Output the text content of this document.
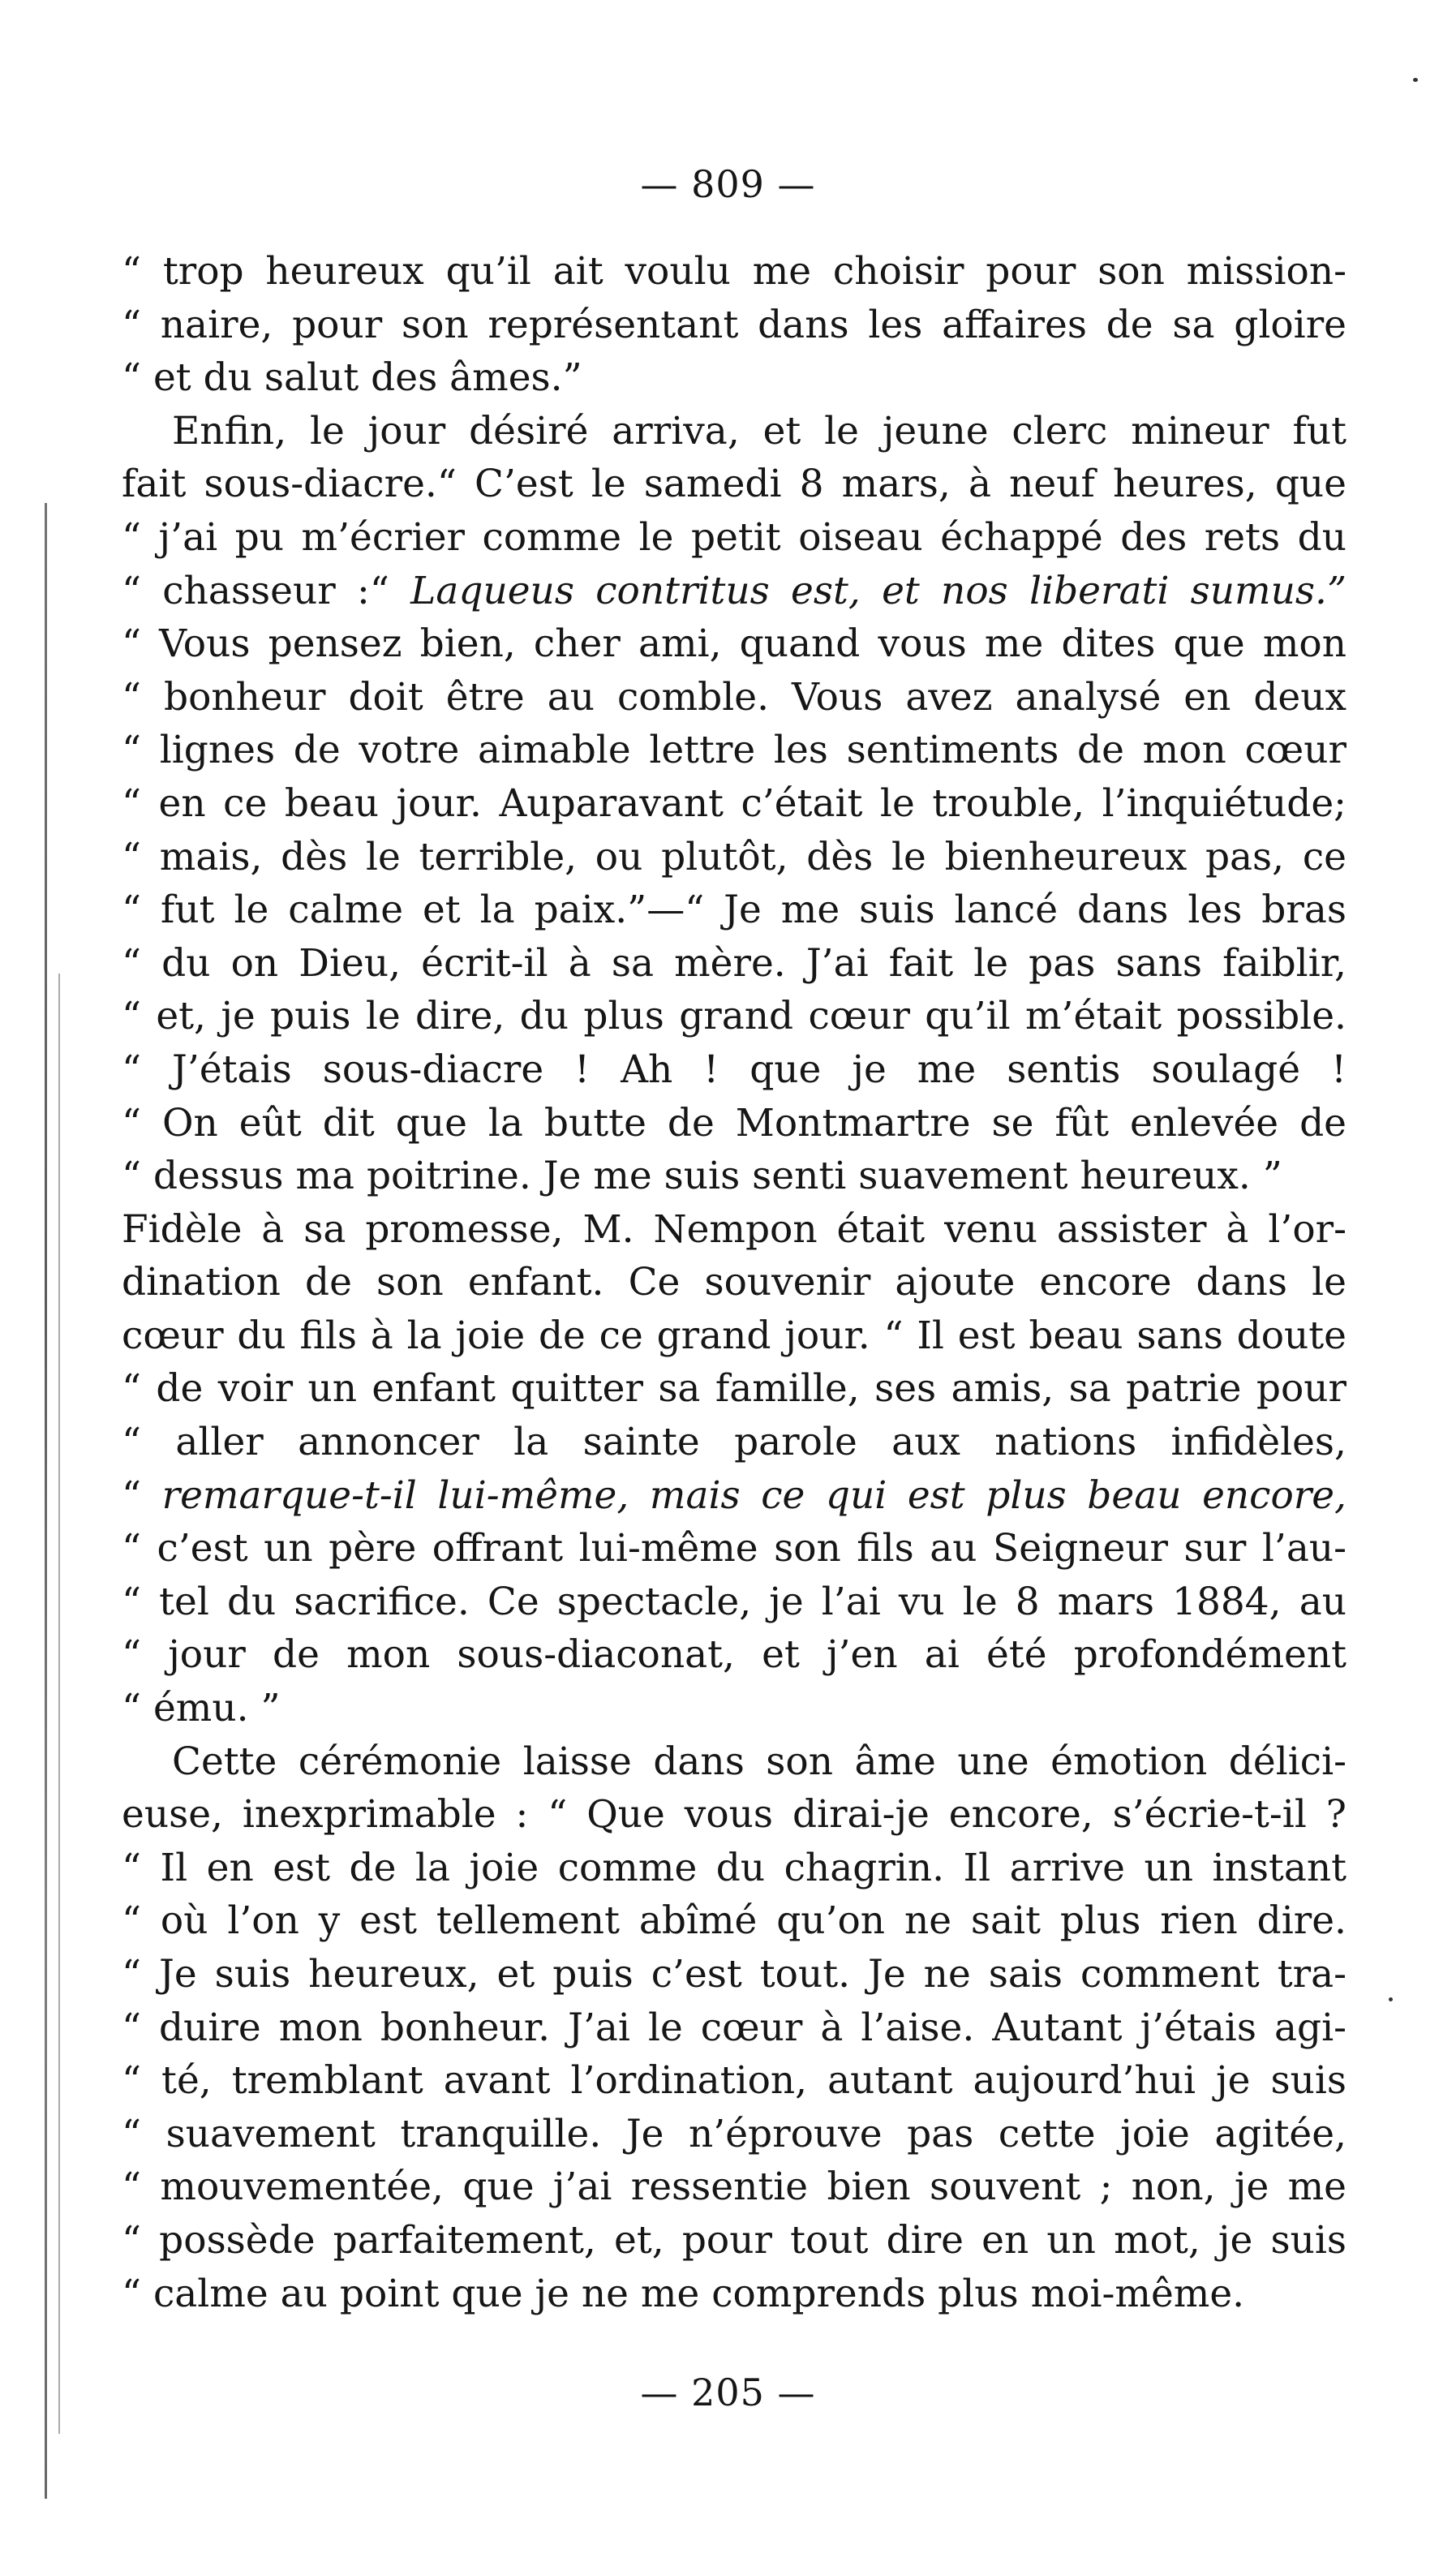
— 809 —
“ trop heureux qu’il ait voulu me choisir pour son mission-
“ naire, pour son représentant dans les affaires de sa gloire
“ et du salut des âmes.”
Enfin, le jour désiré arriva, et le jeune clerc mineur fut
fait sous-diacre.“ C’est le samedi 8 mars, à neuf heures, que
“ j’ai pu m’écrier comme le petit oiseau échappé des rets du
“ chasseur :“ Laqueus contritus est, et nos liberati sumus.”
“ Vous pensez bien, cher ami, quand vous me dites que mon
“ bonheur doit être au comble. Vous avez analysé en deux
“ lignes de votre aimable lettre les sentiments de mon cœur
“ en ce beau jour. Auparavant c’était le trouble, l’inquiétude;
“ mais, dès le terrible, ou plutôt, dès le bienheureux pas, ce
“ fut le calme et la paix.”—“ Je me suis lancé dans les bras
“ du on Dieu, écrit-il à sa mère. J’ai fait le pas sans faiblir,
“ et, je puis le dire, du plus grand cœur qu’il m’était possible.
“ J’étais sous-diacre ! Ah ! que je me sentis soulagé !
“ On eût dit que la butte de Montmartre se fût enlevée de
“ dessus ma poitrine. Je me suis senti suavement heureux. ”
Fidèle à sa promesse, M. Nempon était venu assister à l’or-
dination de son enfant. Ce souvenir ajoute encore dans le
cœur du fils à la joie de ce grand jour. “ Il est beau sans doute
“ de voir un enfant quitter sa famille, ses amis, sa patrie pour
“ aller annoncer la sainte parole aux nations infidèles,
“ remarque-t-il lui-même, mais ce qui est plus beau encore,
“ c’est un père offrant lui-même son fils au Seigneur sur l’au-
“ tel du sacrifice. Ce spectacle, je l’ai vu le 8 mars 1884, au
“ jour de mon sous-diaconat, et j’en ai été profondément
“ ému. ”
Cette cérémonie laisse dans son âme une émotion délici-
euse, inexprimable : “ Que vous dirai-je encore, s’écrie-t-il ?
“ Il en est de la joie comme du chagrin. Il arrive un instant
“ où l’on y est tellement abîmé qu’on ne sait plus rien dire.
“ Je suis heureux, et puis c’est tout. Je ne sais comment tra-
“ duire mon bonheur. J’ai le cœur à l’aise. Autant j’étais agi-
“ té, tremblant avant l’ordination, autant aujourd’hui je suis
“ suavement tranquille. Je n’éprouve pas cette joie agitée,
“ mouvementée, que j’ai ressentie bien souvent ; non, je me
“ possède parfaitement, et, pour tout dire en un mot, je suis
“ calme au point que je ne me comprends plus moi-même.
— 205 —
